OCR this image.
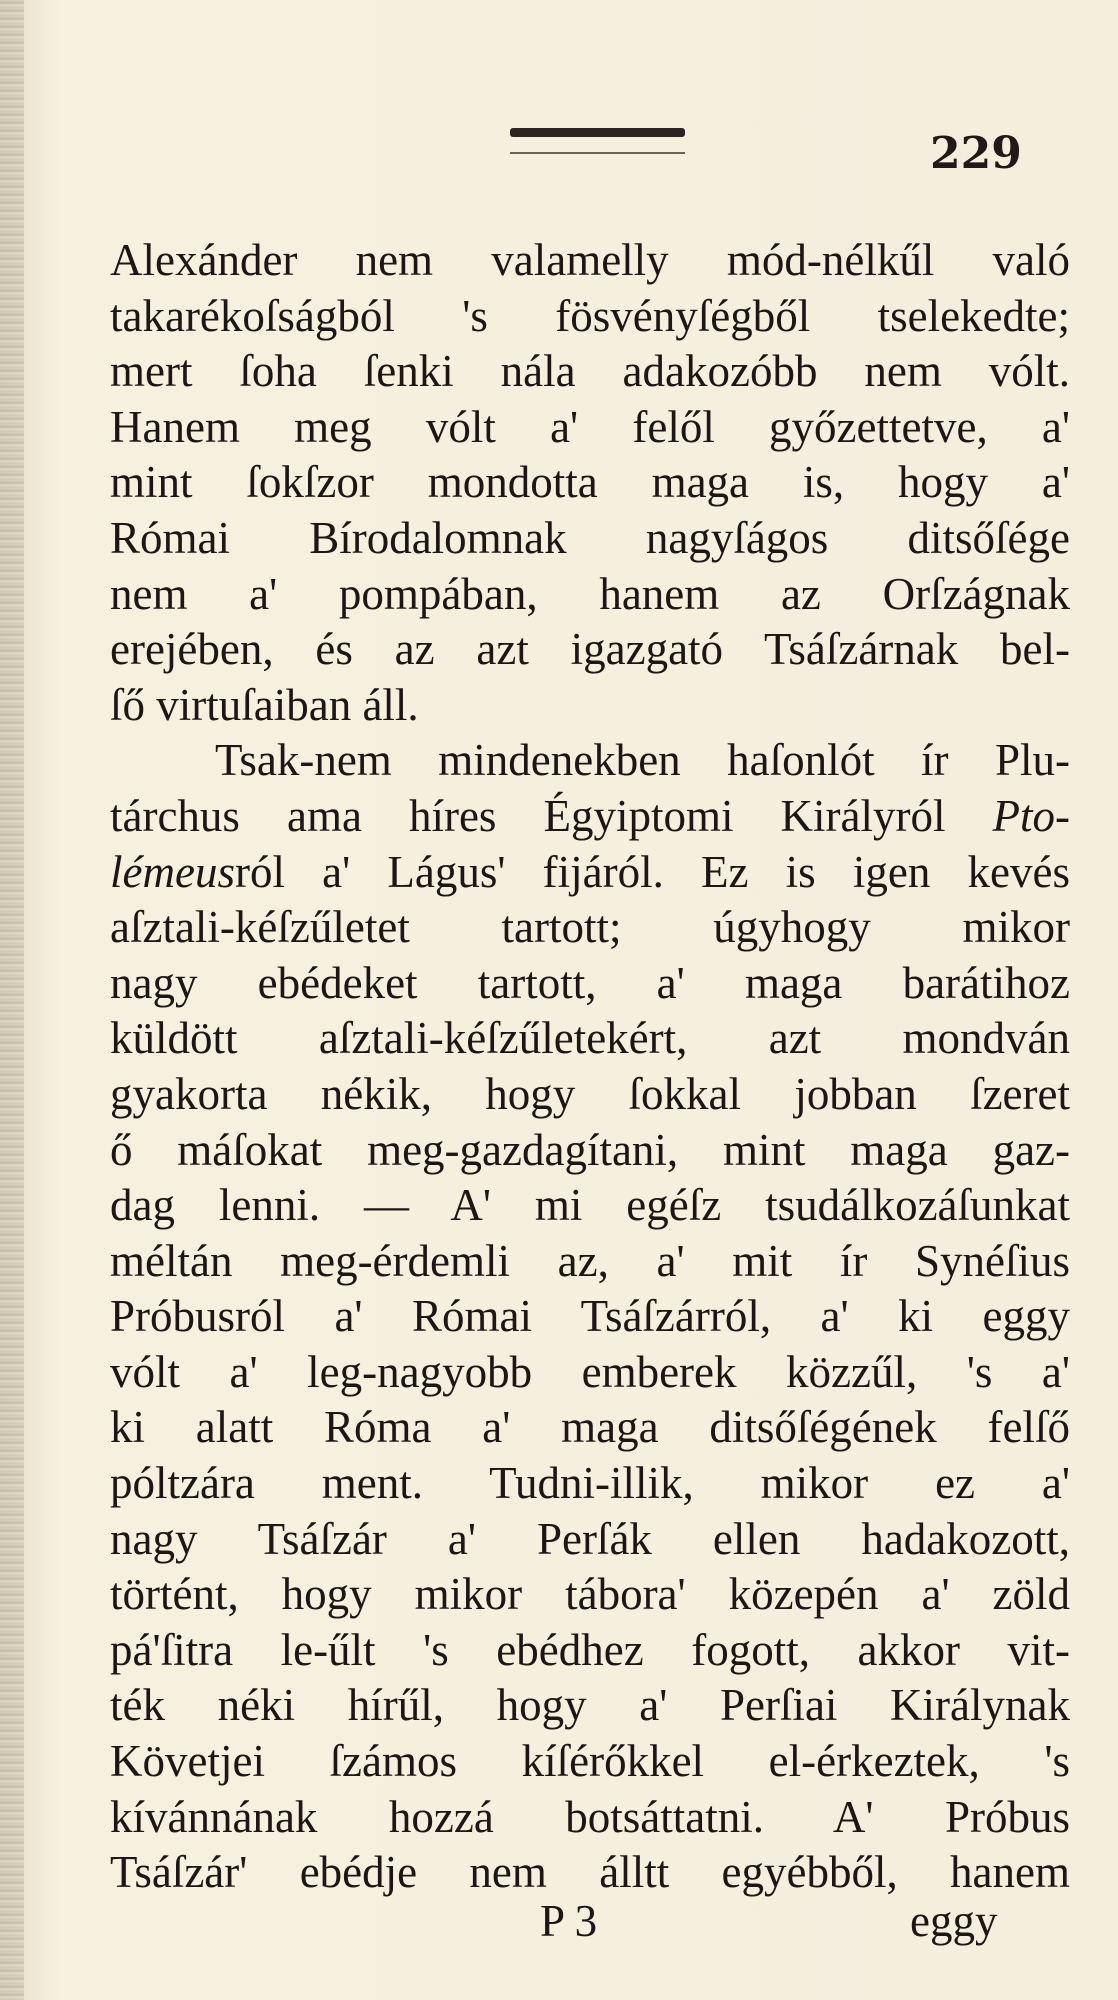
229
Alexánder nem valamelly mód-nélkűl való
takarékoſságból 's fösvényſégből tselekedte;
mert ſoha ſenki nála adakozóbb nem vólt.
Hanem meg vólt a' felől győzettetve, a'
mint ſokſzor mondotta maga is, hogy a'
Római Bírodalomnak nagyſágos ditsőſége
nem a' pompában, hanem az Orſzágnak
erejében, és az azt igazgató Tsáſzárnak bel-
ſő virtuſaiban áll.
Tsak-nem mindenekben haſonlót ír Plu-
tárchus ama híres Égyiptomi Királyról Pto-
lémeusról a' Lágus' fijáról. Ez is igen kevés
aſztali-kéſzűletet tartott; úgyhogy mikor
nagy ebédeket tartott, a' maga barátihoz
küldött aſztali-kéſzűletekért, azt mondván
gyakorta nékik, hogy ſokkal jobban ſzeret
ő máſokat meg-gazdagítani, mint maga gaz-
dag lenni. — A' mi egéſz tsudálkozáſunkat
méltán meg-érdemli az, a' mit ír Synéſius
Próbusról a' Római Tsáſzárról, a' ki eggy
vólt a' leg-nagyobb emberek közzűl, 's a'
ki alatt Róma a' maga ditsőſégének felſő
póltzára ment. Tudni-illik, mikor ez a'
nagy Tsáſzár a' Perſák ellen hadakozott,
történt, hogy mikor tábora' közepén a' zöld
pá'ſitra le-űlt 's ebédhez fogott, akkor vit-
ték néki hírűl, hogy a' Perſiai Királynak
Követjei ſzámos kíſérőkkel el-érkeztek, 's
kívánnának hozzá botsáttatni. A' Próbus
Tsáſzár' ebédje nem álltt egyébből, hanem
P 3	eggy
